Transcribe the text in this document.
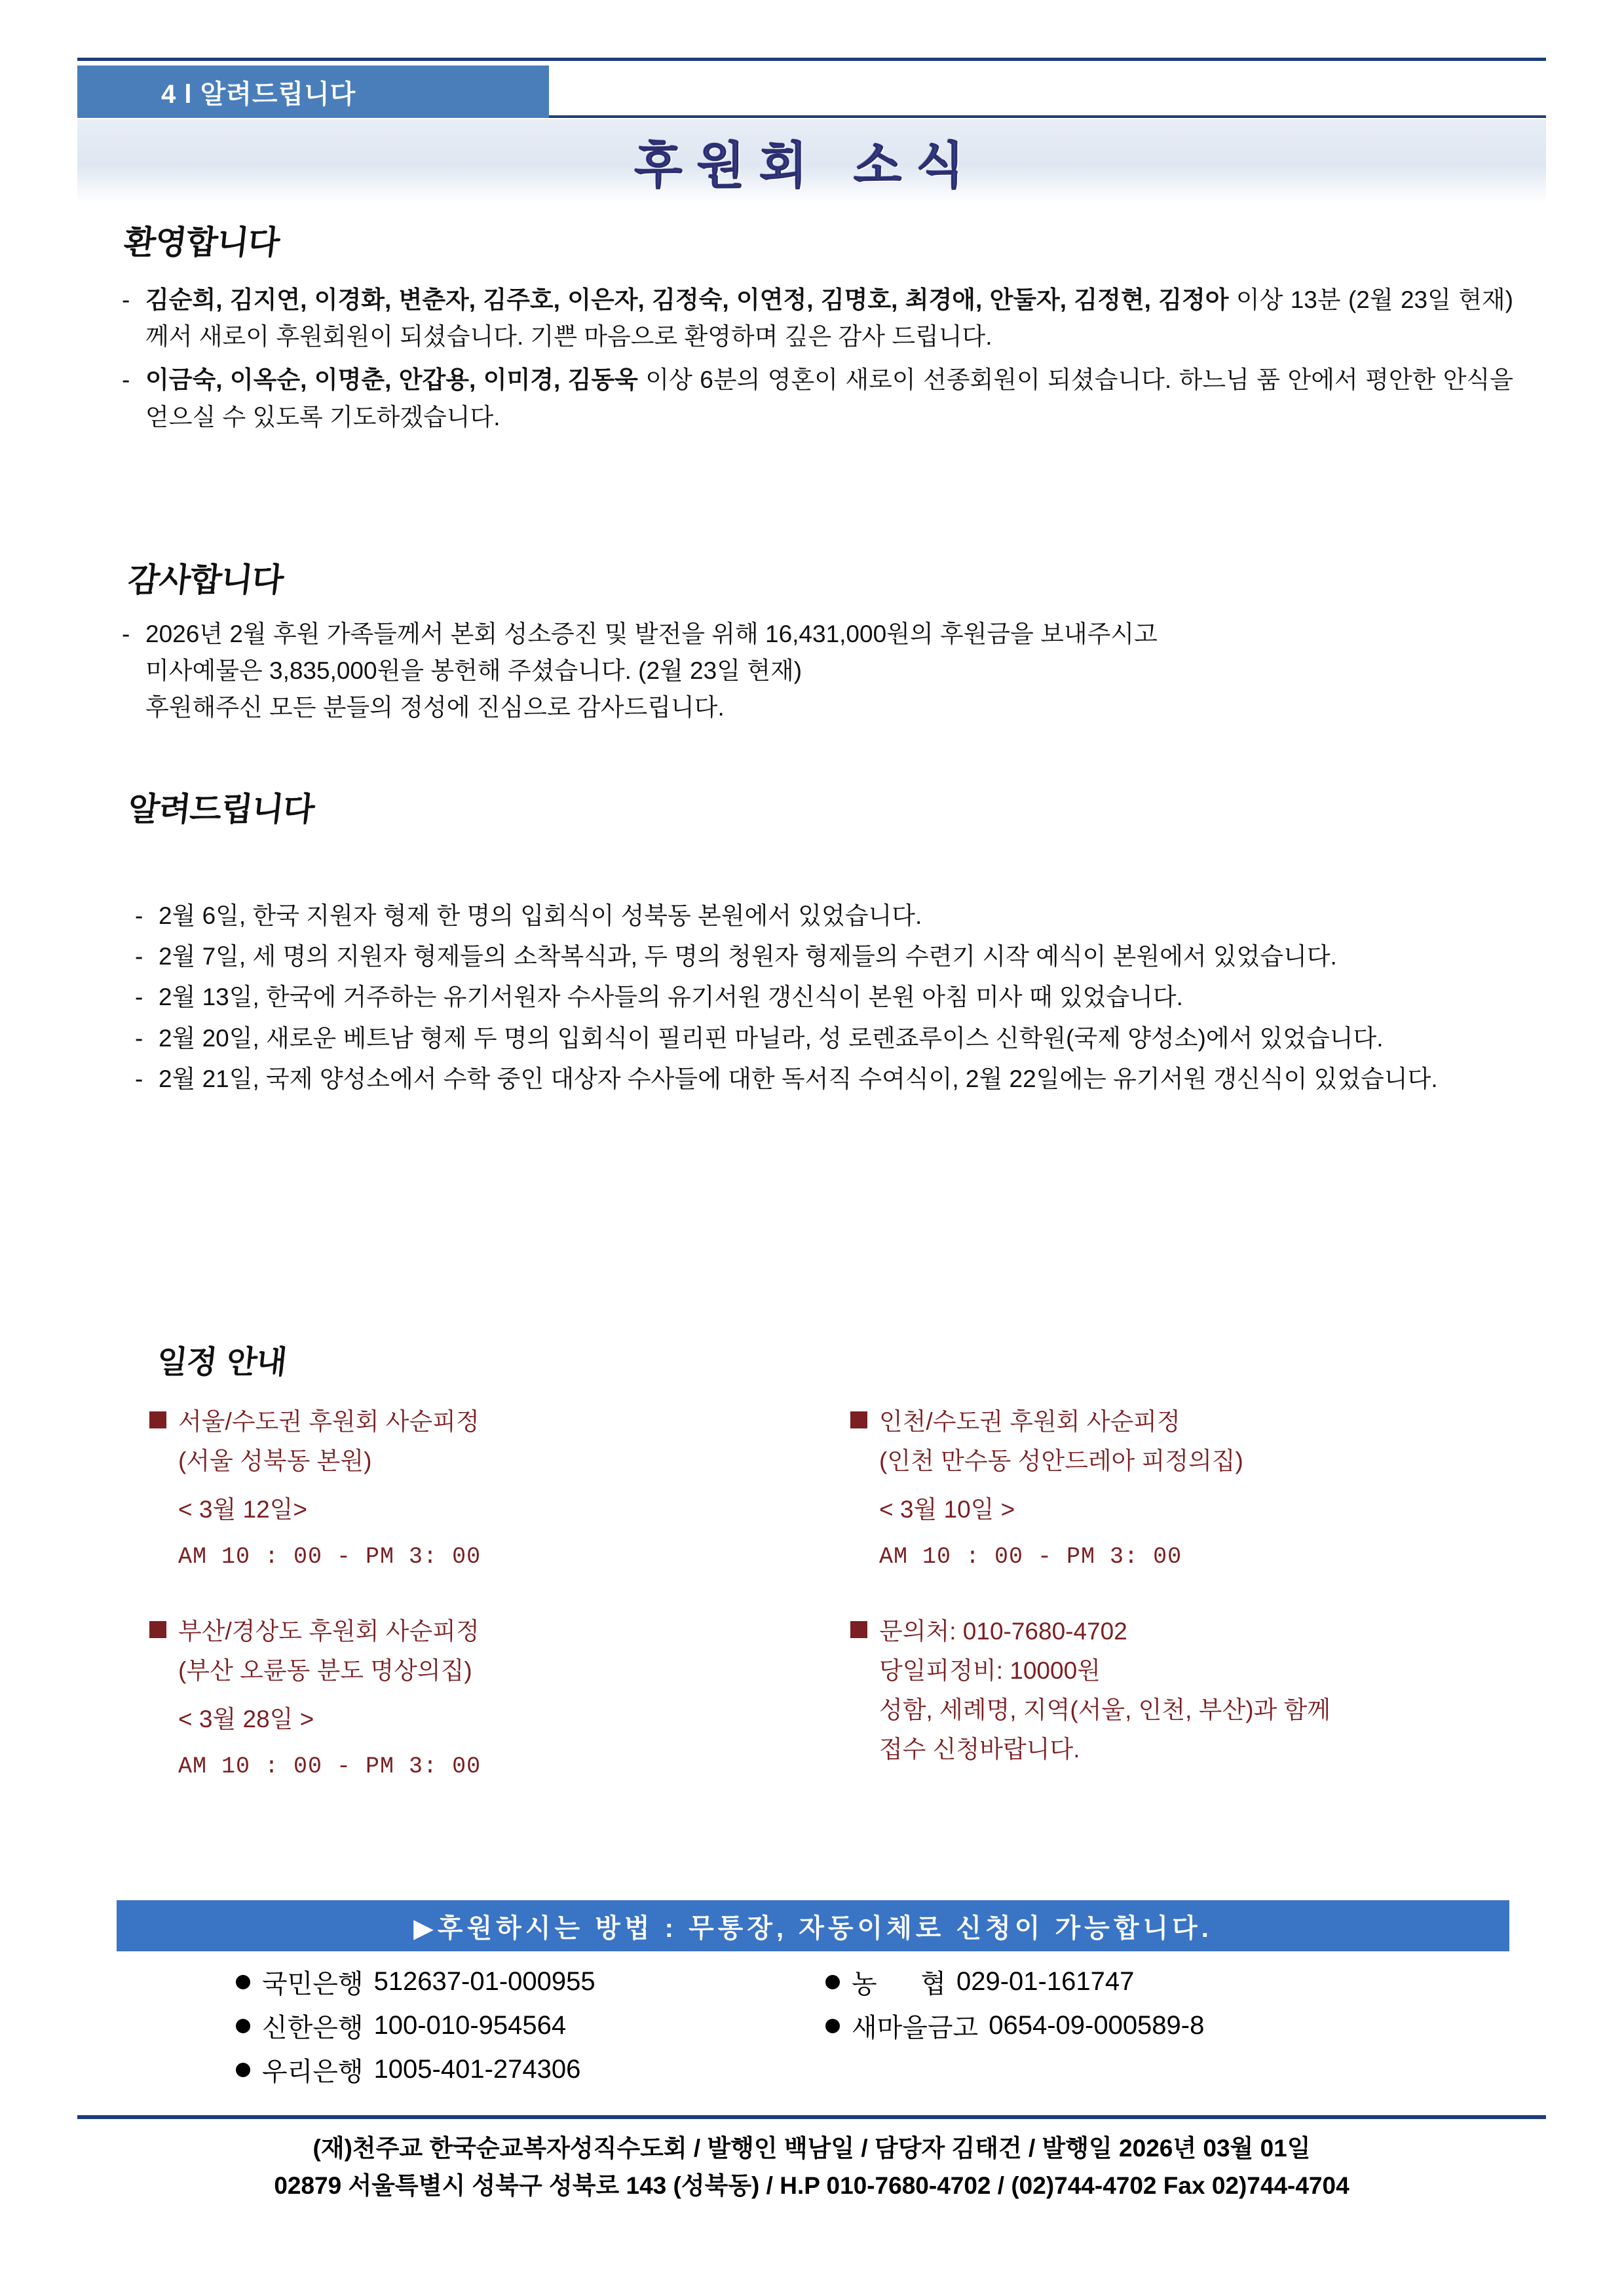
4 l 알려드립니다
후원회 소식
환영합니다
- 김순희, 김지연, 이경화, 변춘자, 김주호, 이은자, 김정숙, 이연정, 김명호, 최경애, 안둘자, 김정현, 김정아 이상 13분 (2월 23일 현재)께서 새로이 후원회원이 되셨습니다. 기쁜 마음으로 환영하며 깊은 감사 드립니다.
- 이금숙, 이옥순, 이명춘, 안갑용, 이미경, 김동욱 이상 6분의 영혼이 새로이 선종회원이 되셨습니다. 하느님 품 안에서 평안한 안식을 얻으실 수 있도록 기도하겠습니다.
감사합니다
- 2026년 2월 후원 가족들께서 본회 성소증진 및 발전을 위해 16,431,000원의 후원금을 보내주시고
미사예물은 3,835,000원을 봉헌해 주셨습니다. (2월 23일 현재)
후원해주신 모든 분들의 정성에 진심으로 감사드립니다.
알려드립니다
- 2월 6일, 한국 지원자 형제 한 명의 입회식이 성북동 본원에서 있었습니다.
- 2월 7일, 세 명의 지원자 형제들의 소착복식과, 두 명의 청원자 형제들의 수련기 시작 예식이 본원에서 있었습니다.
- 2월 13일, 한국에 거주하는 유기서원자 수사들의 유기서원 갱신식이 본원 아침 미사 때 있었습니다.
- 2월 20일, 새로운 베트남 형제 두 명의 입회식이 필리핀 마닐라, 성 로렌죠루이스 신학원(국제 양성소)에서 있었습니다.
- 2월 21일, 국제 양성소에서 수학 중인 대상자 수사들에 대한 독서직 수여식이, 2월 22일에는 유기서원 갱신식이 있었습니다.
일정 안내
서울/수도권 후원회 사순피정
(서울 성북동 본원)
< 3월 12일>
AM 10 : 00 - PM 3: 00
인천/수도권 후원회 사순피정
(인천 만수동 성안드레아 피정의집)
< 3월 10일 >
AM 10 : 00 - PM 3: 00
부산/경상도 후원회 사순피정
(부산 오륜동 분도 명상의집)
< 3월 28일 >
AM 10 : 00 - PM 3: 00
문의처: 010-7680-4702
당일피정비: 10000원
성함, 세례명, 지역(서울, 인천, 부산)과 함께
접수 신청바랍니다.
▶후원하시는 방법 : 무통장, 자동이체로 신청이 가능합니다.
국민은행 512637-01-000955	농      협 029-01-161747
신한은행 100-010-954564	새마을금고 0654-09-000589-8
우리은행 1005-401-274306
(재)천주교 한국순교복자성직수도회 / 발행인 백남일 / 담당자 김태건 / 발행일 2026년 03월 01일
02879 서울특별시 성북구 성북로 143 (성북동) / H.P 010-7680-4702 / (02)744-4702 Fax 02)744-4704
